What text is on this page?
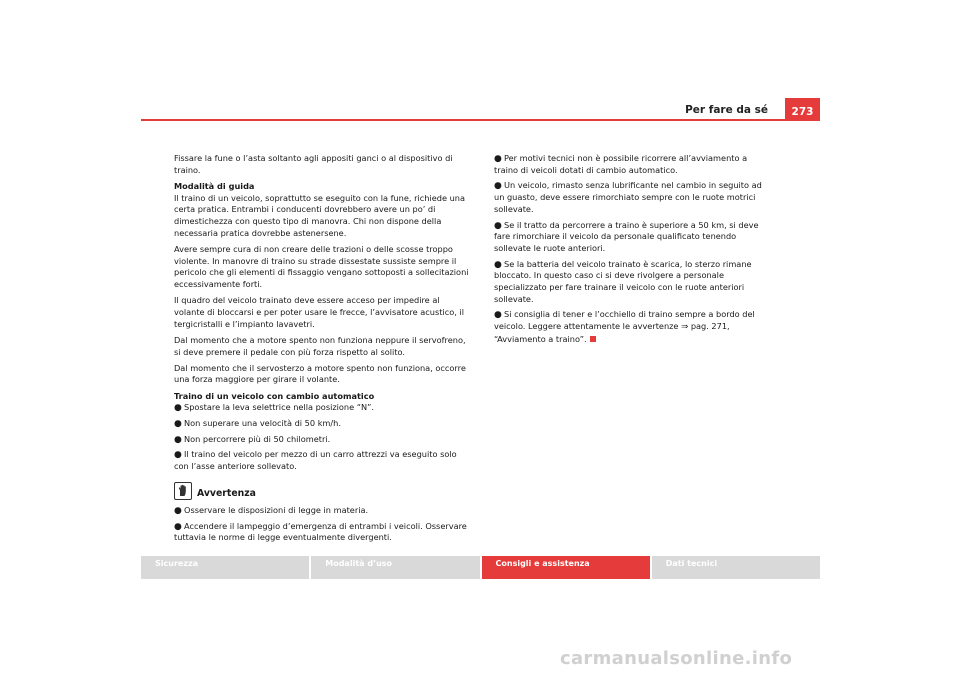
Per fare da sé	273

Fissare la fune o l’asta soltanto agli appositi ganci o al dispositivo di traino.

Modalità di guida

Il traino di un veicolo, soprattutto se eseguito con la fune, richiede una certa pratica. Entrambi i conducenti dovrebbero avere un po’ di dimestichezza con questo tipo di manovra. Chi non dispone della necessaria pratica dovrebbe astenersene.

Avere sempre cura di non creare delle trazioni o delle scosse troppo violente. In manovre di traino su strade dissestate sussiste sempre il pericolo che gli elementi di fissaggio vengano sottoposti a sollecitazioni eccessivamente forti.

Il quadro del veicolo trainato deve essere acceso per impedire al volante di bloccarsi e per poter usare le frecce, l’avvisatore acustico, il tergicristalli e l’impianto lavavetri.

Dal momento che a motore spento non funziona neppure il servofreno, si deve premere il pedale con più forza rispetto al solito.

Dal momento che il servosterzo a motore spento non funziona, occorre una forza maggiore per girare il volante.

Traino di un veicolo con cambio automatico

● Spostare la leva selettrice nella posizione “N”.
● Non superare una velocità di 50 km/h.
● Non percorrere più di 50 chilometri.
● Il traino del veicolo per mezzo di un carro attrezzi va eseguito solo con l’asse anteriore sollevato.
Avvertenza
● Osservare le disposizioni di legge in materia.
● Accendere il lampeggio d’emergenza di entrambi i veicoli. Osservare tuttavia le norme di legge eventualmente divergenti.
● Per motivi tecnici non è possibile ricorrere all’avviamento a traino di veicoli dotati di cambio automatico.
● Un veicolo, rimasto senza lubrificante nel cambio in seguito ad un guasto, deve essere rimorchiato sempre con le ruote motrici sollevate.
● Se il tratto da percorrere a traino è superiore a 50 km, si deve fare rimorchiare il veicolo da personale qualificato tenendo sollevate le ruote anteriori.
● Se la batteria del veicolo trainato è scarica, lo sterzo rimane bloccato. In questo caso ci si deve rivolgere a personale specializzato per fare trainare il veicolo con le ruote anteriori sollevate.
● Si consiglia di tener e l’occhiello di traino sempre a bordo del veicolo. Leggere attentamente le avvertenze ⇒ pag. 271, “Avviamento a traino”.
Sicurezza	Modalità d’uso	Consigli e assistenza	Dati tecnici
carmanualsonline.info
